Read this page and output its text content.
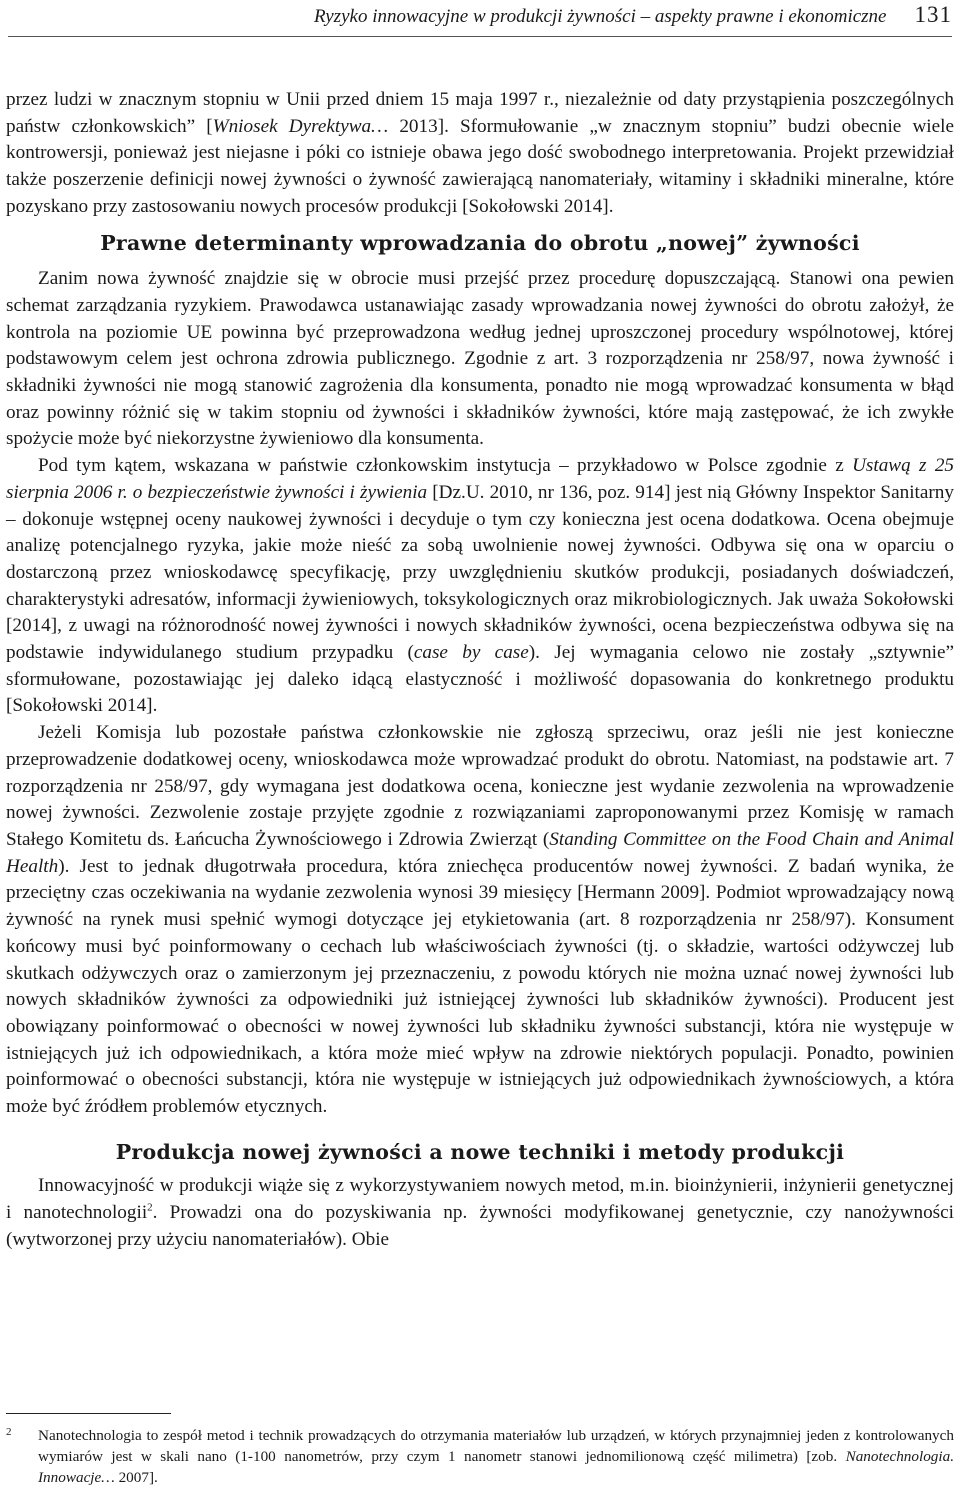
Ryzyko innowacyjne w produkcji żywności – aspekty prawne i ekonomiczne 131

przez ludzi w znacznym stopniu w Unii przed dniem 15 maja 1997 r., niezależnie od daty przystąpienia poszczególnych państw członkowskich” [Wniosek Dyrektywa… 2013]. Sformułowanie „w znacznym stopniu” budzi obecnie wiele kontrowersji, ponieważ jest niejasne i póki co istnieje obawa jego dość swobodnego interpretowania. Projekt przewidział także poszerzenie definicji nowej żywności o żywność zawierającą nanomateriały, witaminy i składniki mineralne, które pozyskano przy zastosowaniu nowych procesów produkcji [Sokołowski 2014].

Prawne determinanty wprowadzania do obrotu „nowej” żywności

Zanim nowa żywność znajdzie się w obrocie musi przejść przez procedurę dopuszczającą. Stanowi ona pewien schemat zarządzania ryzykiem. Prawodawca ustanawiając zasady wprowadzania nowej żywności do obrotu założył, że kontrola na poziomie UE powinna być przeprowadzona według jednej uproszczonej procedury wspólnotowej, której podstawowym celem jest ochrona zdrowia publicznego. Zgodnie z art. 3 rozporządzenia nr 258/97, nowa żywność i składniki żywności nie mogą stanowić zagrożenia dla konsumenta, ponadto nie mogą wprowadzać konsumenta w błąd oraz powinny różnić się w takim stopniu od żywności i składników żywności, które mają zastępować, że ich zwykłe spożycie może być niekorzystne żywieniowo dla konsumenta.

Pod tym kątem, wskazana w państwie członkowskim instytucja – przykładowo w Polsce zgodnie z Ustawą z 25 sierpnia 2006 r. o bezpieczeństwie żywności i żywienia [Dz.U. 2010, nr 136, poz. 914] jest nią Główny Inspektor Sanitarny – dokonuje wstępnej oceny naukowej żywności i decyduje o tym czy konieczna jest ocena dodatkowa. Ocena obejmuje analizę potencjalnego ryzyka, jakie może nieść za sobą uwolnienie nowej żywności. Odbywa się ona w oparciu o dostarczoną przez wnioskodawcę specyfikację, przy uwzględnieniu skutków produkcji, posiadanych doświadczeń, charakterystyki adresatów, informacji żywieniowych, toksykologicznych oraz mikrobiologicznych. Jak uważa Sokołowski [2014], z uwagi na różnorodność nowej żywności i nowych składników żywności, ocena bezpieczeństwa odbywa się na podstawie indywidulanego studium przypadku (case by case). Jej wymagania celowo nie zostały „sztywnie” sformułowane, pozostawiając jej daleko idącą elastyczność i możliwość dopasowania do konkretnego produktu [Sokołowski 2014].

Jeżeli Komisja lub pozostałe państwa członkowskie nie zgłoszą sprzeciwu, oraz jeśli nie jest konieczne przeprowadzenie dodatkowej oceny, wnioskodawca może wprowadzać produkt do obrotu. Natomiast, na podstawie art. 7 rozporządzenia nr 258/97, gdy wymagana jest dodatkowa ocena, konieczne jest wydanie zezwolenia na wprowadzenie nowej żywności. Zezwolenie zostaje przyjęte zgodnie z rozwiązaniami zaproponowanymi przez Komisję w ramach Stałego Komitetu ds. Łańcucha Żywnościowego i Zdrowia Zwierząt (Standing Committee on the Food Chain and Animal Health). Jest to jednak długotrwała procedura, która zniechęca producentów nowej żywności. Z badań wynika, że przeciętny czas oczekiwania na wydanie zezwolenia wynosi 39 miesięcy [Hermann 2009]. Podmiot wprowadzający nową żywność na rynek musi spełnić wymogi dotyczące jej etykietowania (art. 8 rozporządzenia nr 258/97). Konsument końcowy musi być poinformowany o cechach lub właściwościach żywności (tj. o składzie, wartości odżywczej lub skutkach odżywczych oraz o zamierzonym jej przeznaczeniu, z powodu których nie można uznać nowej żywności lub nowych składników żywności za odpowiedniki już istniejącej żywności lub składników żywności). Producent jest obowiązany poinformować o obecności w nowej żywności lub składniku żywności substancji, która nie występuje w istniejących już ich odpowiednikach, a która może mieć wpływ na zdrowie niektórych populacji. Ponadto, powinien poinformować o obecności substancji, która nie występuje w istniejących już odpowiednikach żywnościowych, a która może być źródłem problemów etycznych.

Produkcja nowej żywności a nowe techniki i metody produkcji

Innowacyjność w produkcji wiąże się z wykorzystywaniem nowych metod, m.in. bioinżynierii, inżynierii genetycznej i nanotechnologii$^2$. Prowadzi ona do pozyskiwania np. żywności modyfikowanej genetycznie, czy nanożywności (wytworzonej przy użyciu nanomateriałów). Obie

2	Nanotechnologia to zespół metod i technik prowadzących do otrzymania materiałów lub urządzeń, w których przynajmniej jeden z kontrolowanych wymiarów jest w skali nano (1-100 nanometrów, przy czym 1 nanometr stanowi jednomilionową część milimetra) [zob. Nanotechnologia. Innowacje… 2007].
